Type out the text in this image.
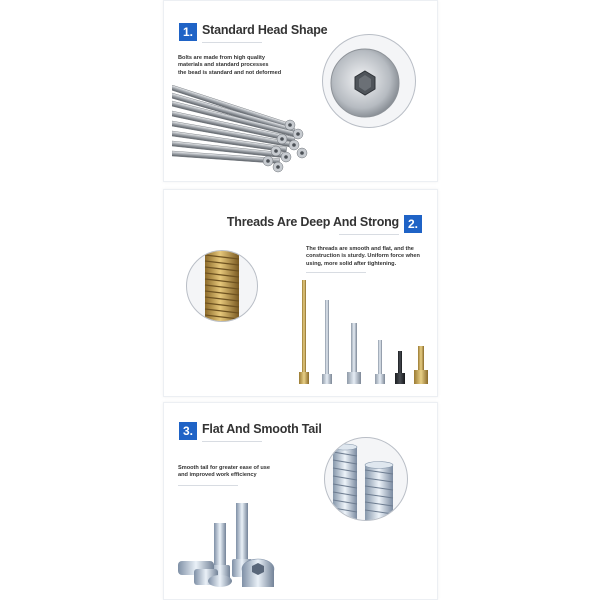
1. Standard Head Shape
Bolts are made from high quality
materials and standard processes
the bead is standard and not deformed
Threads Are Deep And Strong 2.
The threads are smooth and flat, and the
construction is sturdy. Uniform force when
using, more solid after tightening.
3. Flat And Smooth Tail
Smooth tail for greater ease of use
and improved work efficiency
